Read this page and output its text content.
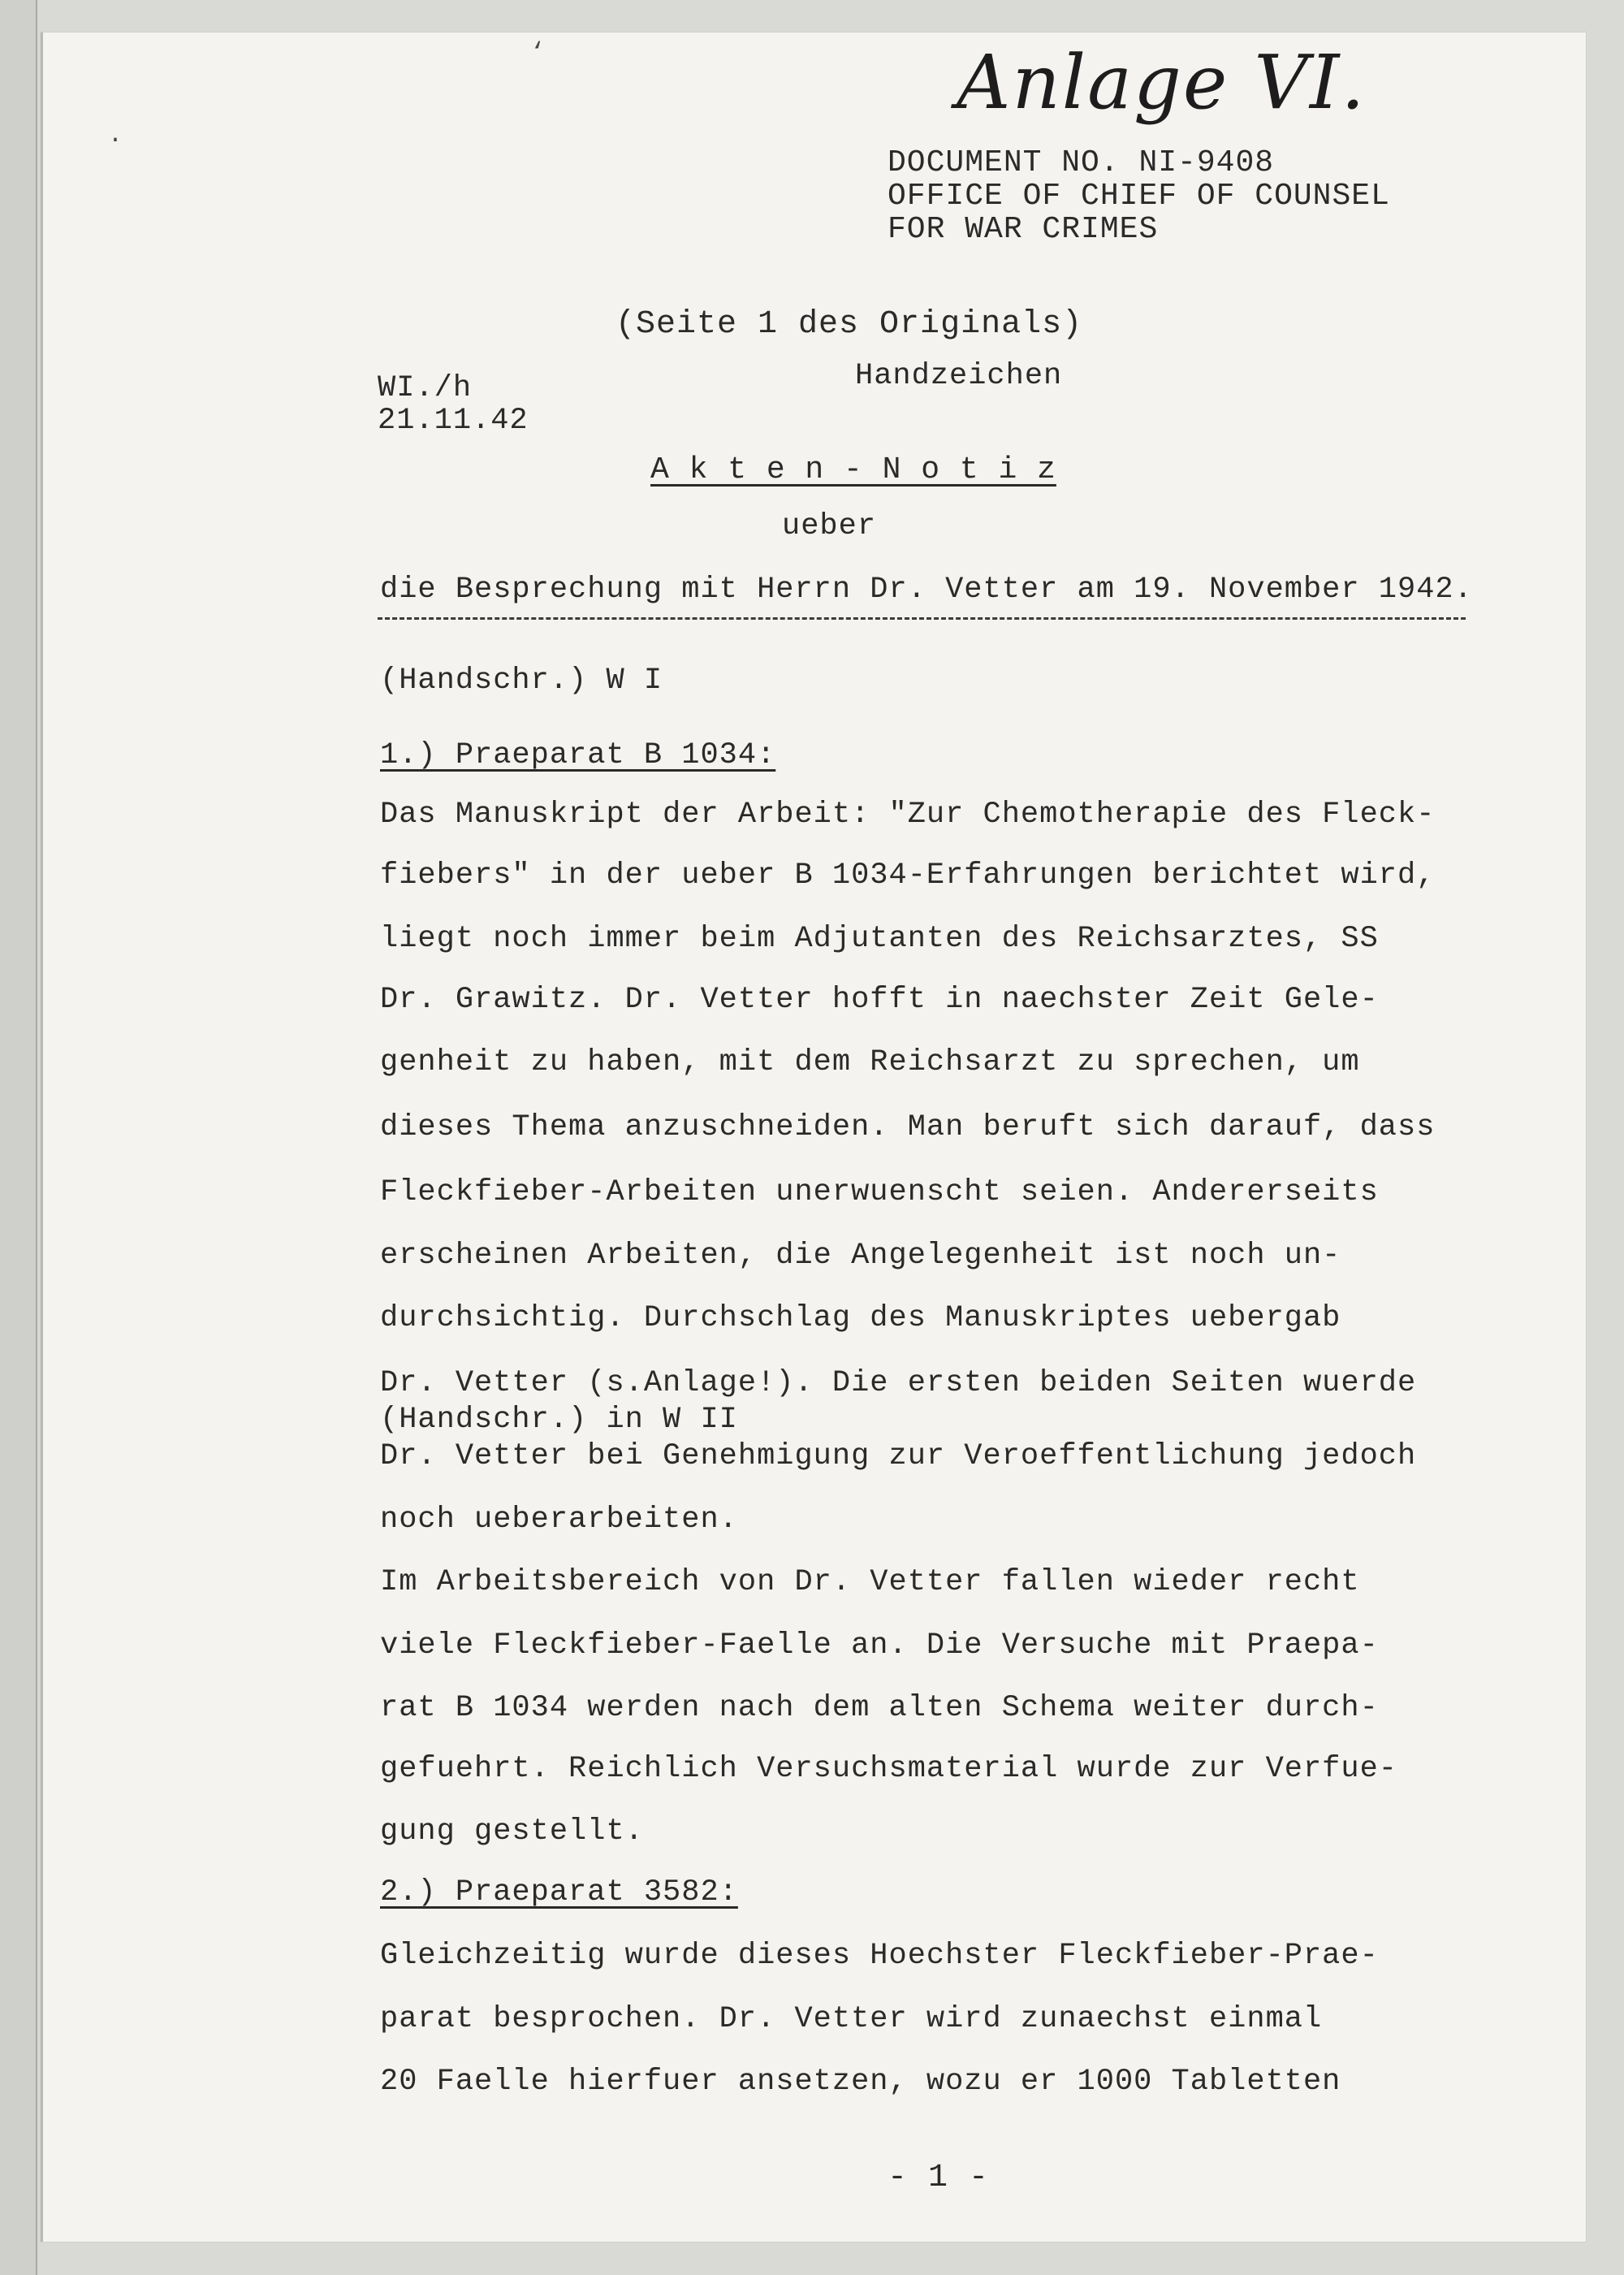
Anlage VI.
‘
.
DOCUMENT NO. NI-9408
OFFICE OF CHIEF OF COUNSEL
FOR WAR CRIMES
(Seite 1 des Originals)
Handzeichen
WI./h
21.11.42
A k t e n - N o t i z
ueber
die Besprechung mit Herrn Dr. Vetter am 19. November 1942.
(Handschr.) W I
1.) Praeparat B 1034:
Das Manuskript der Arbeit: "Zur Chemotherapie des Fleck-
fiebers" in der ueber B 1034-Erfahrungen berichtet wird,
liegt noch immer beim Adjutanten des Reichsarztes, SS
Dr. Grawitz. Dr. Vetter hofft in naechster Zeit Gele-
genheit zu haben, mit dem Reichsarzt zu sprechen, um
dieses Thema anzuschneiden. Man beruft sich darauf, dass
Fleckfieber-Arbeiten unerwuenscht seien. Andererseits
erscheinen Arbeiten, die Angelegenheit ist noch un-
durchsichtig. Durchschlag des Manuskriptes uebergab
Dr. Vetter (s.Anlage!). Die ersten beiden Seiten wuerde
(Handschr.) in W II
Dr. Vetter bei Genehmigung zur Veroeffentlichung jedoch
noch ueberarbeiten.
Im Arbeitsbereich von Dr. Vetter fallen wieder recht
viele Fleckfieber-Faelle an. Die Versuche mit Praepa-
rat B 1034 werden nach dem alten Schema weiter durch-
gefuehrt. Reichlich Versuchsmaterial wurde zur Verfue-
gung gestellt.
2.) Praeparat 3582:
Gleichzeitig wurde dieses Hoechster Fleckfieber-Prae-
parat besprochen. Dr. Vetter wird zunaechst einmal
20 Faelle hierfuer ansetzen, wozu er 1000 Tabletten
- 1 -
